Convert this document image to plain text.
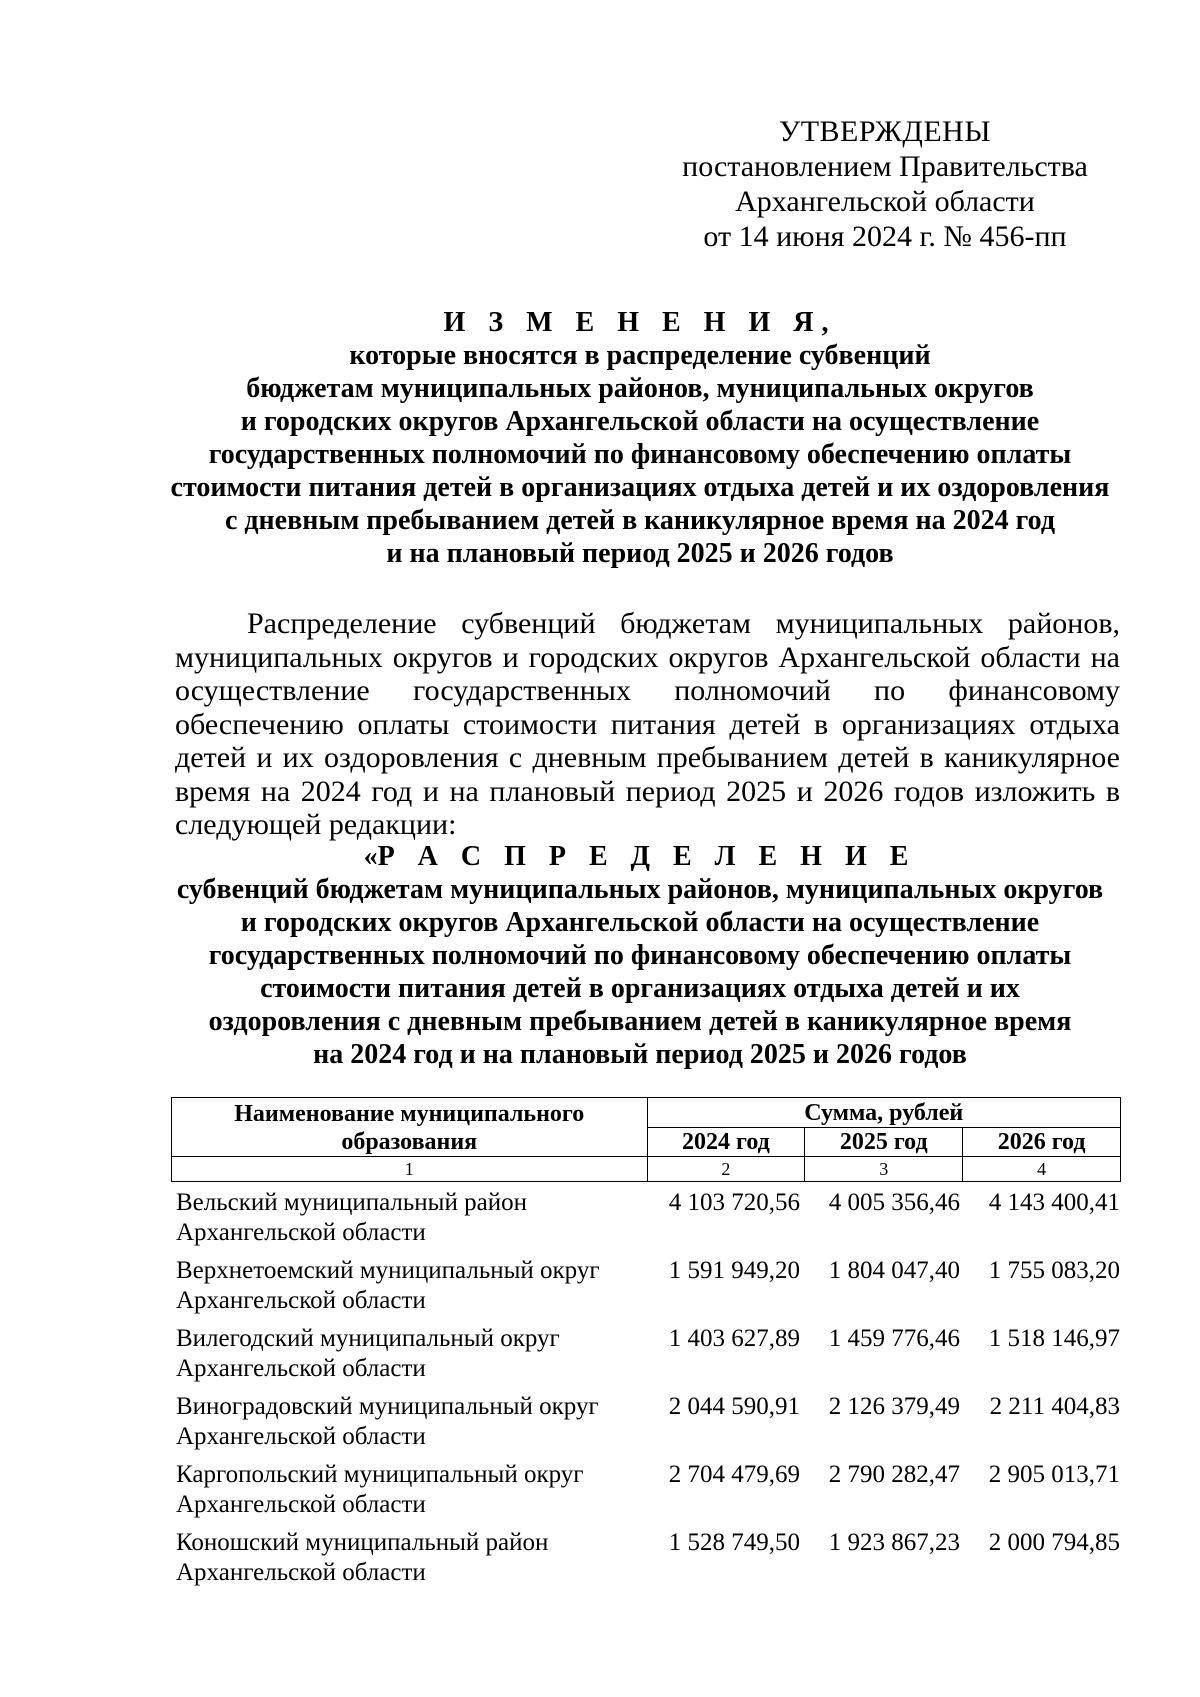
УТВЕРЖДЕНЫ
постановлением Правительства
Архангельской области
от 14 июня 2024 г. № 456-пп
И З М Е Н Е Н И Я,
которые вносятся в распределение субвенций
бюджетам муниципальных районов, муниципальных округов
и городских округов Архангельской области на осуществление
государственных полномочий по финансовому обеспечению оплаты
стоимости питания детей в организациях отдыха детей и их оздоровления
с дневным пребыванием детей в каникулярное время на 2024 год
и на плановый период 2025 и 2026 годов

Распределение субвенций бюджетам муниципальных районов, муниципальных округов и городских округов Архангельской области на осуществление государственных полномочий по финансовому обеспечению оплаты стоимости питания детей в организациях отдыха детей и их оздоровления с дневным пребыванием детей в каникулярное время на 2024 год и на плановый период 2025 и 2026 годов изложить в следующей редакции:

«Р А С П Р Е Д Е Л Е Н И Е
субвенций бюджетам муниципальных районов, муниципальных округов
и городских округов Архангельской области на осуществление
государственных полномочий по финансовому обеспечению оплаты
стоимости питания детей в организациях отдыха детей и их
оздоровления с дневным пребыванием детей в каникулярное время
на 2024 год и на плановый период 2025 и 2026 годов
Наименование муниципального образования	Сумма, рублей		
	2024 год	2025 год	2026 год
1	2	3	4
Вельский муниципальный район
Архангельской области
4 103 720,56	4 005 356,46	4 143 400,41
Верхнетоемский муниципальный округ
Архангельской области
1 591 949,20	1 804 047,40	1 755 083,20
Вилегодский муниципальный округ
Архангельской области
1 403 627,89	1 459 776,46	1 518 146,97
Виноградовский муниципальный округ
Архангельской области
2 044 590,91	2 126 379,49	2 211 404,83
Каргопольский муниципальный округ
Архангельской области
2 704 479,69	2 790 282,47	2 905 013,71
Коношский муниципальный район
Архангельской области
1 528 749,50	1 923 867,23	2 000 794,85
